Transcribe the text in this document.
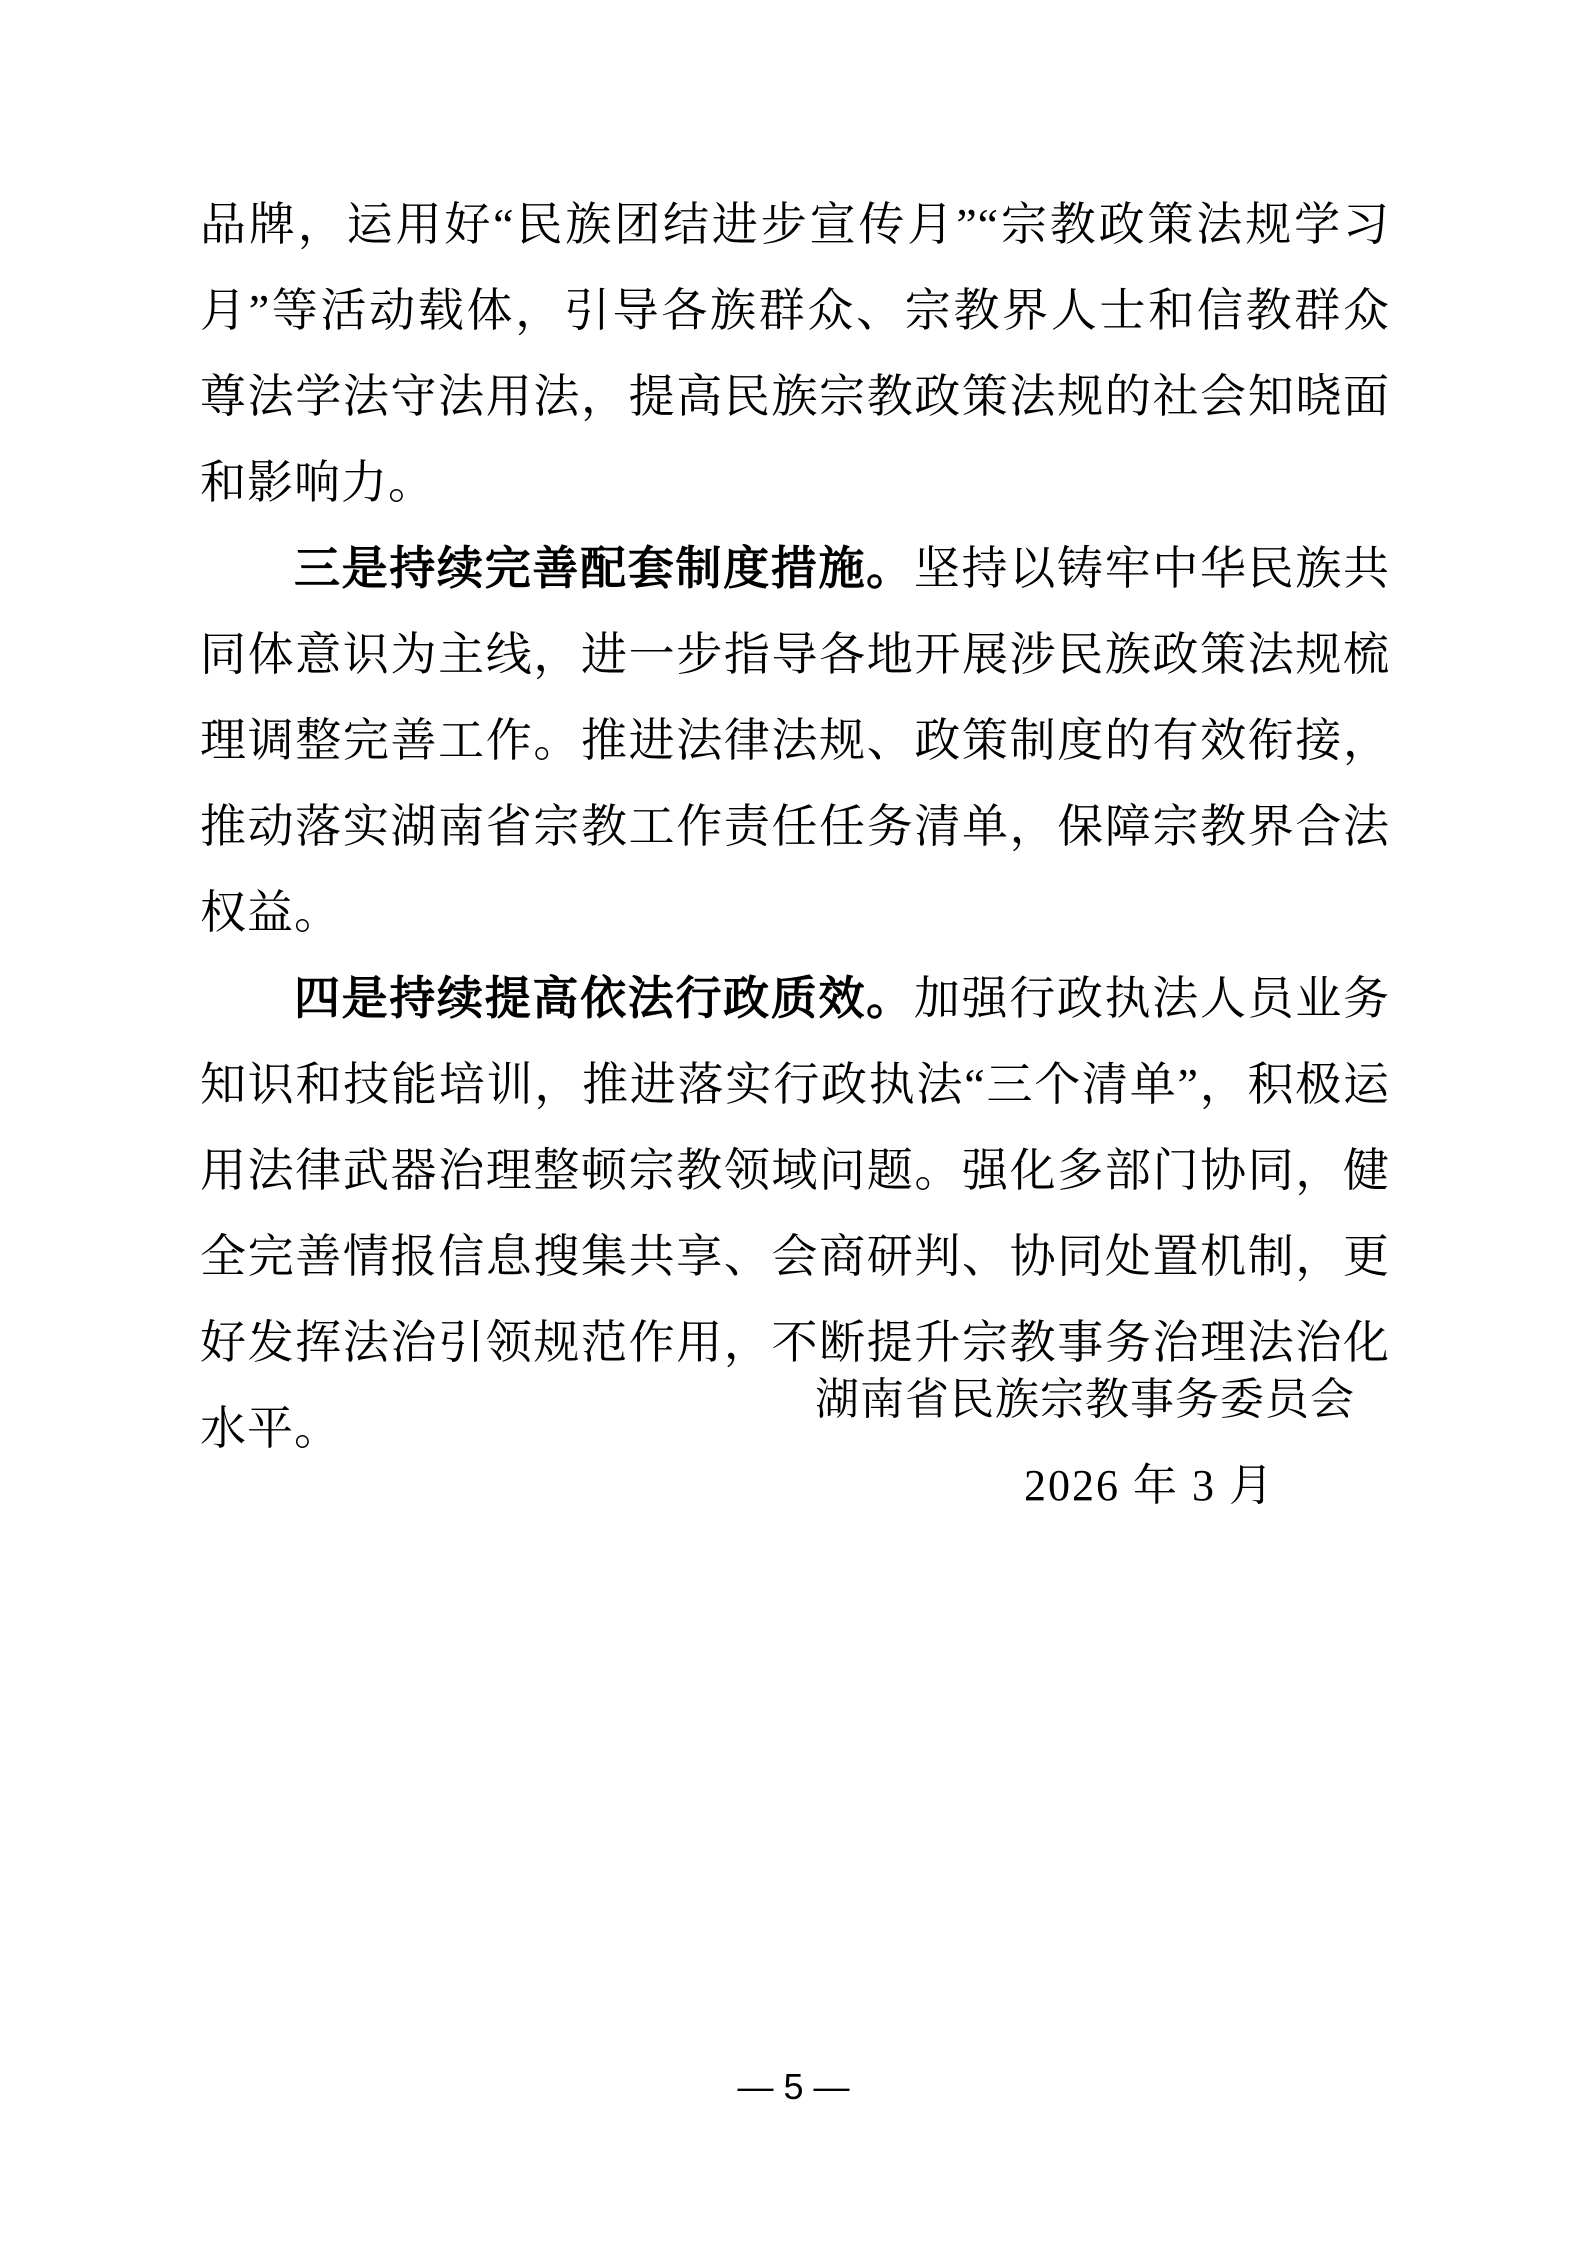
品牌，运用好“民族团结进步宣传月”“宗教政策法规学习月”等活动载体，引导各族群众、宗教界人士和信教群众尊法学法守法用法，提高民族宗教政策法规的社会知晓面和影响力。

三是持续完善配套制度措施。坚持以铸牢中华民族共同体意识为主线，进一步指导各地开展涉民族政策法规梳理调整完善工作。推进法律法规、政策制度的有效衔接，推动落实湖南省宗教工作责任任务清单，保障宗教界合法权益。

四是持续提高依法行政质效。加强行政执法人员业务知识和技能培训，推进落实行政执法“三个清单”，积极运用法律武器治理整顿宗教领域问题。强化多部门协同，健全完善情报信息搜集共享、会商研判、协同处置机制，更好发挥法治引领规范作用，不断提升宗教事务治理法治化水平。

湖南省民族宗教事务委员会
2026 年 3 月
— 5 —
